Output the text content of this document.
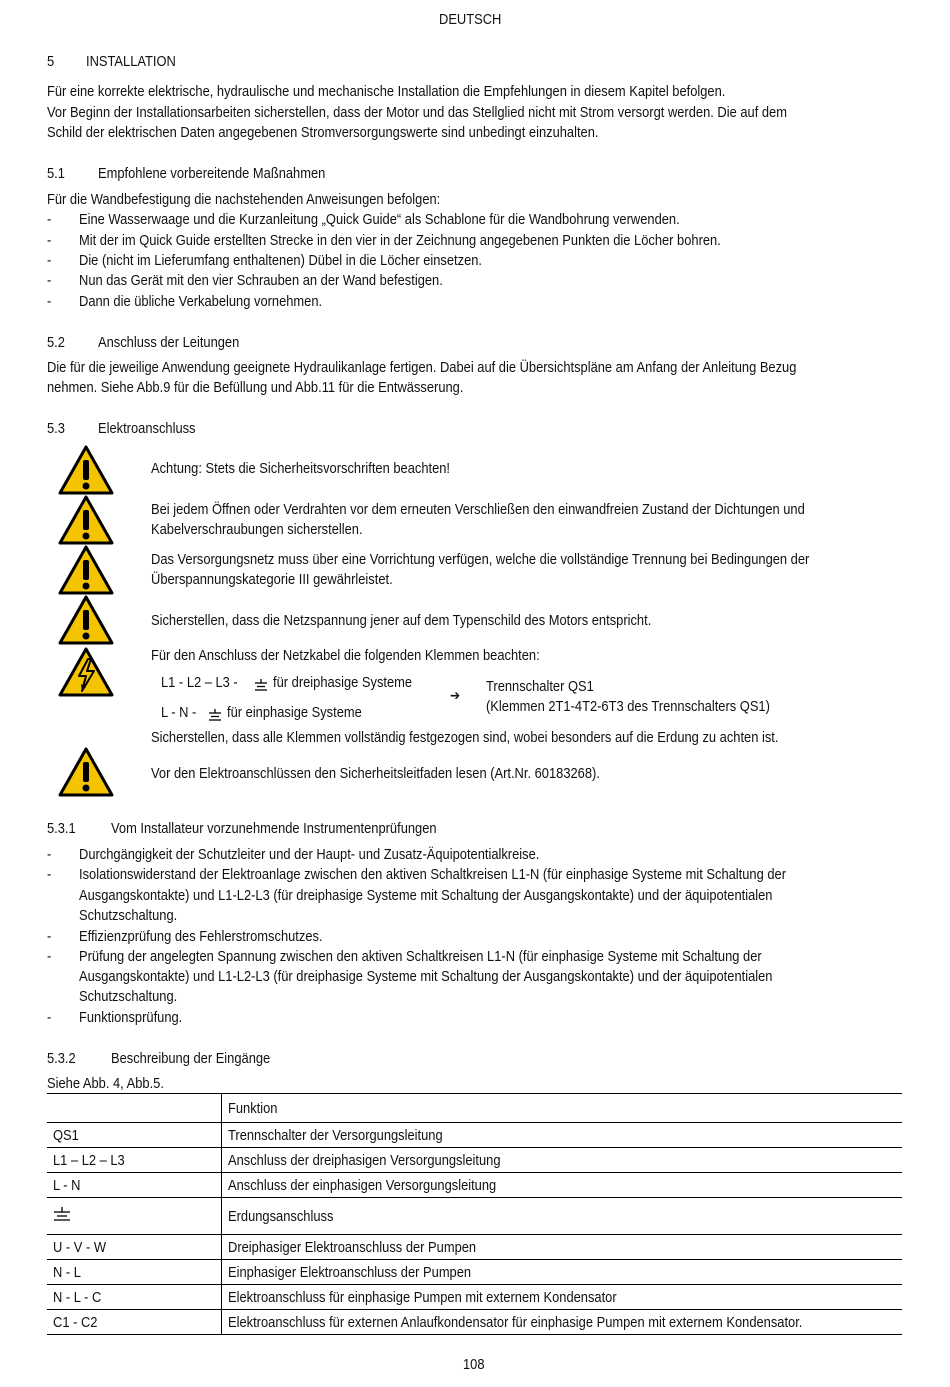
DEUTSCH
5 INSTALLATION
Für eine korrekte elektrische, hydraulische und mechanische Installation die Empfehlungen in diesem Kapitel befolgen.
Vor Beginn der Installationsarbeiten sicherstellen, dass der Motor und das Stellglied nicht mit Strom versorgt werden. Die auf dem
Schild der elektrischen Daten angegebenen Stromversorgungswerte sind unbedingt einzuhalten.
5.1 Empfohlene vorbereitende Maßnahmen
Für die Wandbefestigung die nachstehenden Anweisungen befolgen:
- Eine Wasserwaage und die Kurzanleitung „Quick Guide“ als Schablone für die Wandbohrung verwenden.
- Mit der im Quick Guide erstellten Strecke in den vier in der Zeichnung angegebenen Punkten die Löcher bohren.
- Die (nicht im Lieferumfang enthaltenen) Dübel in die Löcher einsetzen.
- Nun das Gerät mit den vier Schrauben an der Wand befestigen.
- Dann die übliche Verkabelung vornehmen.
5.2 Anschluss der Leitungen
Die für die jeweilige Anwendung geeignete Hydraulikanlage fertigen. Dabei auf die Übersichtspläne am Anfang der Anleitung Bezug
nehmen. Siehe Abb.9 für die Befüllung und Abb.11 für die Entwässerung.
5.3 Elektroanschluss
Achtung: Stets die Sicherheitsvorschriften beachten!
Bei jedem Öffnen oder Verdrahten vor dem erneuten Verschließen den einwandfreien Zustand der Dichtungen und
Kabelverschraubungen sicherstellen.
Das Versorgungsnetz muss über eine Vorrichtung verfügen, welche die vollständige Trennung bei Bedingungen der
Überspannungskategorie III gewährleistet.
Sicherstellen, dass die Netzspannung jener auf dem Typenschild des Motors entspricht.
Für den Anschluss der Netzkabel die folgenden Klemmen beachten:
L1 - L2 – L3 - für dreiphasige Systeme
L - N - für einphasige Systeme
➔
Trennschalter QS1
(Klemmen 2T1-4T2-6T3 des Trennschalters QS1)
Sicherstellen, dass alle Klemmen vollständig festgezogen sind, wobei besonders auf die Erdung zu achten ist.
Vor den Elektroanschlüssen den Sicherheitsleitfaden lesen (Art.Nr. 60183268).
5.3.1 Vom Installateur vorzunehmende Instrumentenprüfungen
- Durchgängigkeit der Schutzleiter und der Haupt- und Zusatz-Äquipotentialkreise.
- Isolationswiderstand der Elektroanlage zwischen den aktiven Schaltkreisen L1-N (für einphasige Systeme mit Schaltung der
Ausgangskontakte) und L1-L2-L3 (für dreiphasige Systeme mit Schaltung der Ausgangskontakte) und der äquipotentialen
Schutzschaltung.
- Effizienzprüfung des Fehlerstromschutzes.
- Prüfung der angelegten Spannung zwischen den aktiven Schaltkreisen L1-N (für einphasige Systeme mit Schaltung der
Ausgangskontakte) und L1-L2-L3 (für dreiphasige Systeme mit Schaltung der Ausgangskontakte) und der äquipotentialen
Schutzschaltung.
- Funktionsprüfung.
5.3.2 Beschreibung der Eingänge
Siehe Abb. 4, Abb.5.
	Funktion
QS1	Trennschalter der Versorgungsleitung
L1 – L2 – L3	Anschluss der dreiphasigen Versorgungsleitung
L - N	Anschluss der einphasigen Versorgungsleitung
	Erdungsanschluss
U - V - W	Dreiphasiger Elektroanschluss der Pumpen
N - L	Einphasiger Elektroanschluss der Pumpen
N - L - C	Elektroanschluss für einphasige Pumpen mit externem Kondensator
C1 - C2	Elektroanschluss für externen Anlaufkondensator für einphasige Pumpen mit externem Kondensator.
108
